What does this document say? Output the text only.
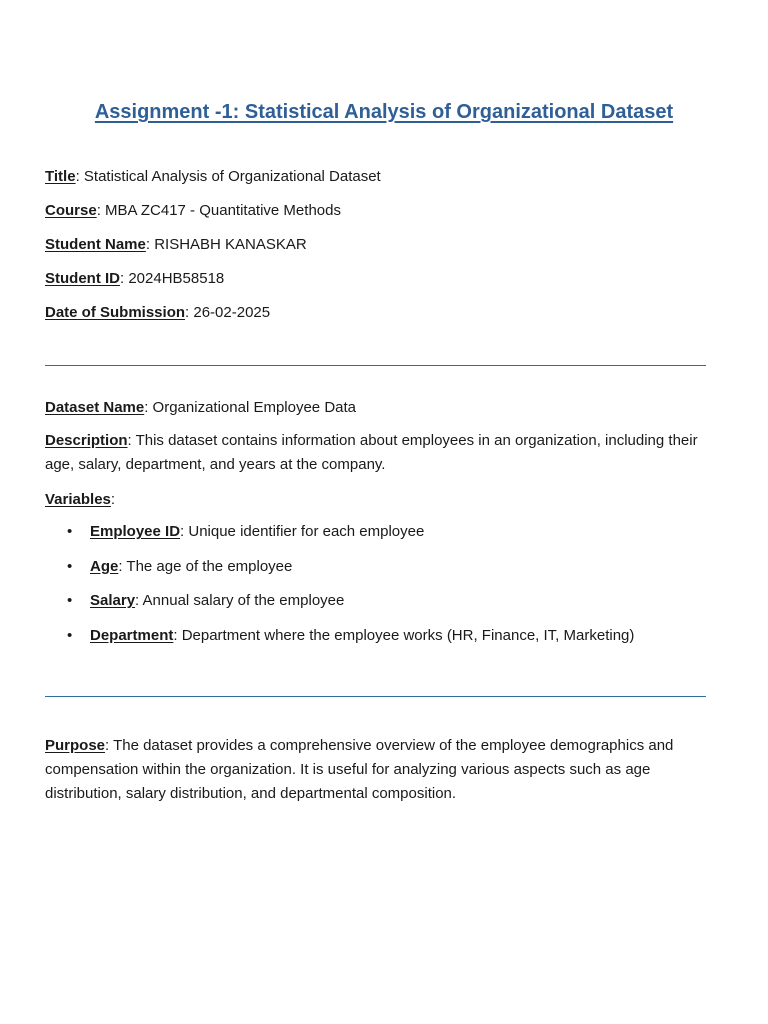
Assignment -1: Statistical Analysis of Organizational Dataset

Title: Statistical Analysis of Organizational Dataset

Course: MBA ZC417 - Quantitative Methods

Student Name: RISHABH KANASKAR

Student ID: 2024HB58518

Date of Submission: 26-02-2025

Dataset Name: Organizational Employee Data

Description: This dataset contains information about employees in an organization, including their age, salary, department, and years at the company.

Variables:

• Employee ID: Unique identifier for each employee
• Age: The age of the employee
• Salary: Annual salary of the employee
• Department: Department where the employee works (HR, Finance, IT, Marketing)

Purpose: The dataset provides a comprehensive overview of the employee demographics and compensation within the organization. It is useful for analyzing various aspects such as age distribution, salary distribution, and departmental composition.
